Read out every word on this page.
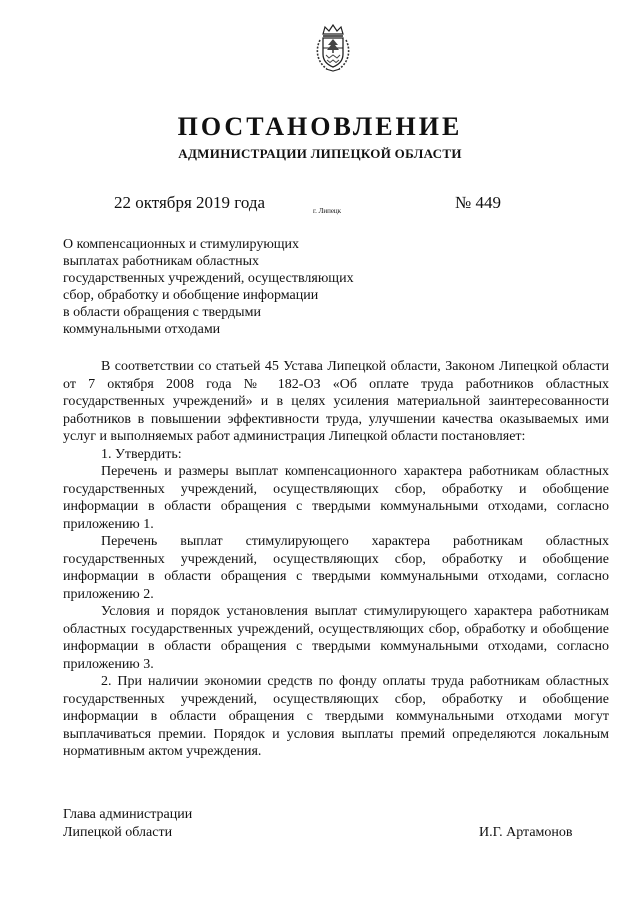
ПОСТАНОВЛЕНИЕ
АДМИНИСТРАЦИИ ЛИПЕЦКОЙ ОБЛАСТИ
22 октября 2019 года	г. Липецк	№ 449
О компенсационных и стимулирующих
выплатах работникам областных
государственных учреждений, осуществляющих
сбор, обработку и обобщение информации
в области обращения с твердыми
коммунальными отходами

В соответствии со статьей 45 Устава Липецкой области, Законом Липецкой области от 7 октября 2008 года № 182-ОЗ «Об оплате труда работников областных государственных учреждений» и в целях усиления материальной заинтересованности работников в повышении эффективности труда, улучшении качества оказываемых ими услуг и выполняемых работ администрация Липецкой области постановляет:

1. Утвердить:

Перечень и размеры выплат компенсационного характера работникам областных государственных учреждений, осуществляющих сбор, обработку и обобщение информации в области обращения с твердыми коммунальными отходами, согласно приложению 1.

Перечень выплат стимулирующего характера работникам областных государственных учреждений, осуществляющих сбор, обработку и обобщение информации в области обращения с твердыми коммунальными отходами, согласно приложению 2.

Условия и порядок установления выплат стимулирующего характера работникам областных государственных учреждений, осуществляющих сбор, обработку и обобщение информации в области обращения с твердыми коммунальными отходами, согласно приложению 3.

2. При наличии экономии средств по фонду оплаты труда работникам областных государственных учреждений, осуществляющих сбор, обработку и обобщение информации в области обращения с твердыми коммунальными отходами могут выплачиваться премии. Порядок и условия выплаты премий определяются локальным нормативным актом учреждения.

Глава администрации
Липецкой области	И.Г. Артамонов
